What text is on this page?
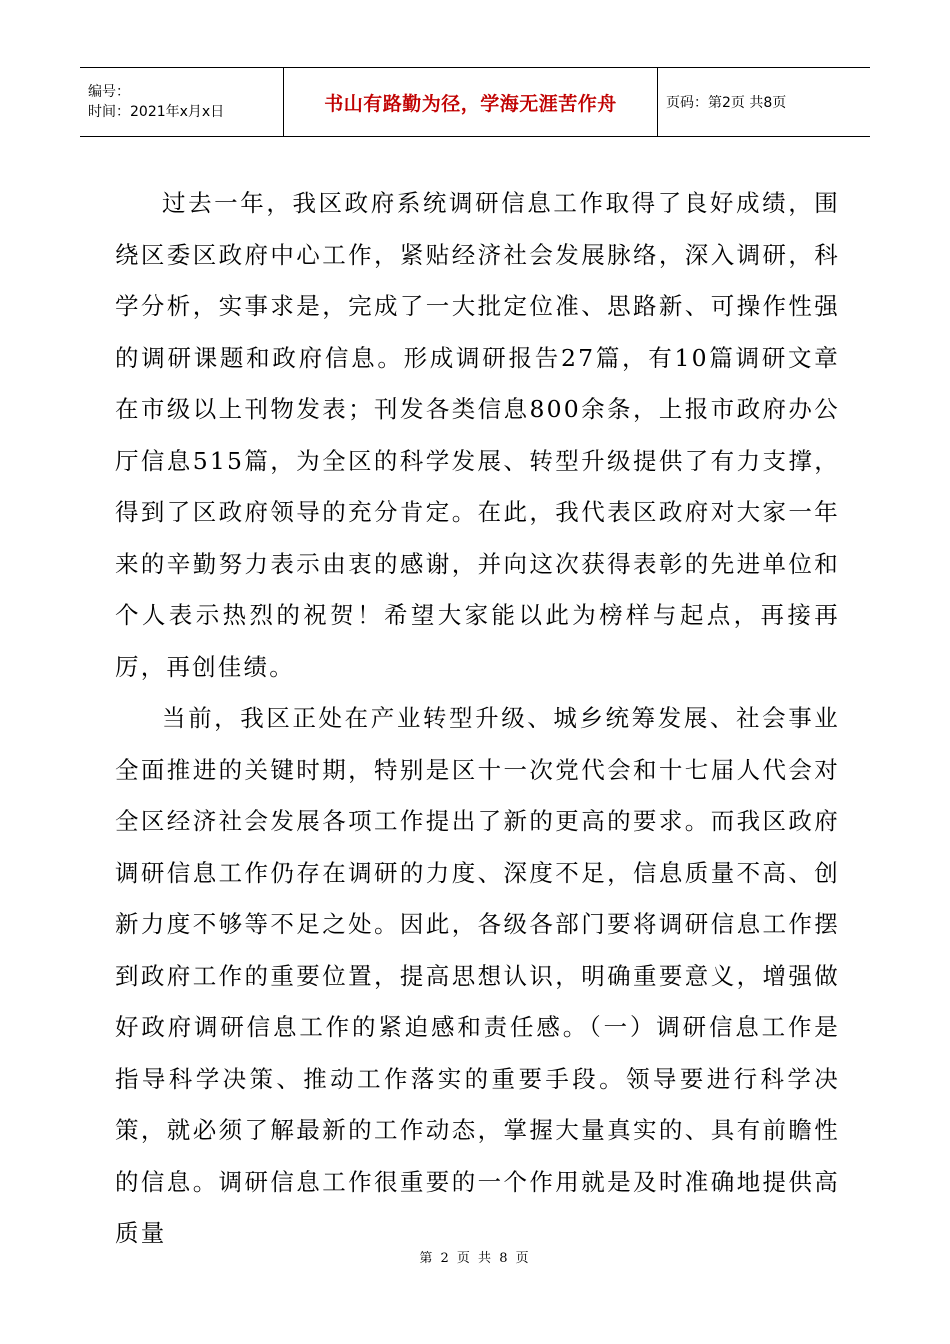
编号：
时间：2021年x月x日	书山有路勤为径，学海无涯苦作舟	页码：第2页 共8页

过去一年，我区政府系统调研信息工作取得了良好成绩，围绕区委区政府中心工作，紧贴经济社会发展脉络，深入调研，科学分析，实事求是，完成了一大批定位准、思路新、可操作性强的调研课题和政府信息。形成调研报告27篇，有10篇调研文章在市级以上刊物发表；刊发各类信息800余条，上报市政府办公厅信息515篇，为全区的科学发展、转型升级提供了有力支撑，得到了区政府领导的充分肯定。在此，我代表区政府对大家一年来的辛勤努力表示由衷的感谢，并向这次获得表彰的先进单位和个人表示热烈的祝贺！希望大家能以此为榜样与起点，再接再厉，再创佳绩。

当前，我区正处在产业转型升级、城乡统筹发展、社会事业全面推进的关键时期，特别是区十一次党代会和十七届人代会对全区经济社会发展各项工作提出了新的更高的要求。而我区政府调研信息工作仍存在调研的力度、深度不足，信息质量不高、创新力度不够等不足之处。因此，各级各部门要将调研信息工作摆到政府工作的重要位置，提高思想认识，明确重要意义，增强做好政府调研信息工作的紧迫感和责任感。（一）调研信息工作是指导科学决策、推动工作落实的重要手段。领导要进行科学决策，就必须了解最新的工作动态，掌握大量真实的、具有前瞻性的信息。调研信息工作很重要的一个作用就是及时准确地提供高质量

第 2 页 共 8 页
